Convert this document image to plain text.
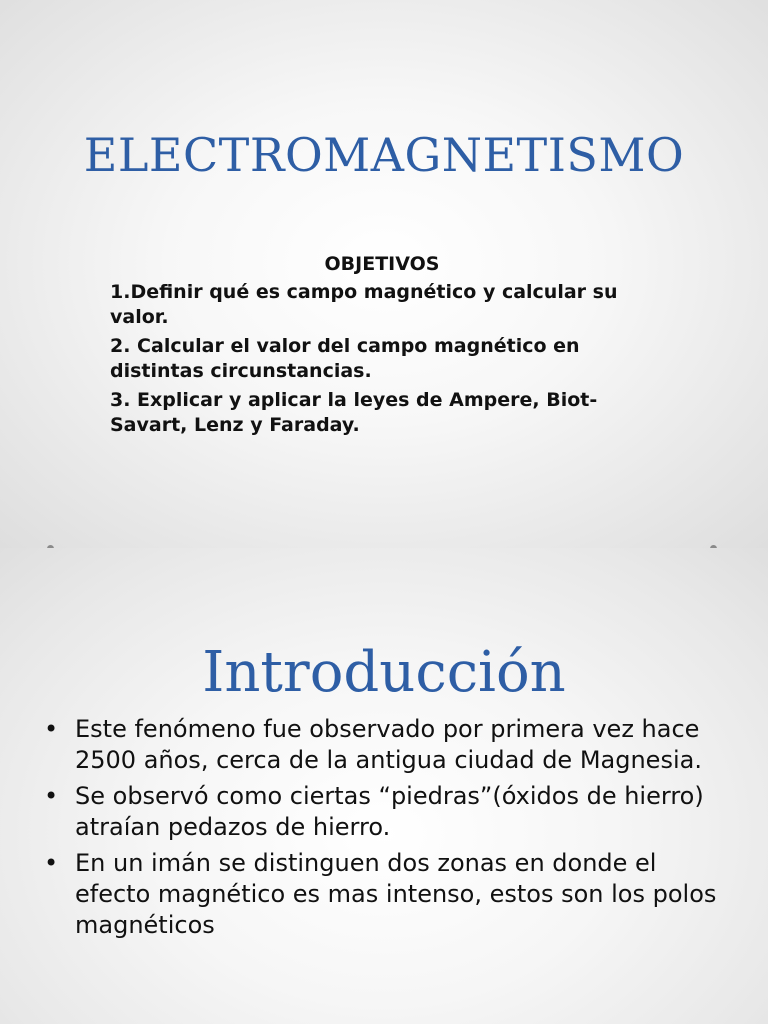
ELECTROMAGNETISMO

OBJETIVOS

1.Definir qué es campo magnético y calcular su valor.

2. Calcular el valor del campo magnético en distintas circunstancias.

3. Explicar y aplicar la leyes de Ampere, Biot-Savart, Lenz y Faraday.

Introducción
• Este fenómeno fue observado por primera vez hace 2500 años, cerca de la antigua ciudad de Magnesia.
• Se observó como ciertas “piedras”(óxidos de hierro) atraían pedazos de hierro.
• En un imán se distinguen dos zonas en donde el efecto magnético es mas intenso, estos son los polos magnéticos
